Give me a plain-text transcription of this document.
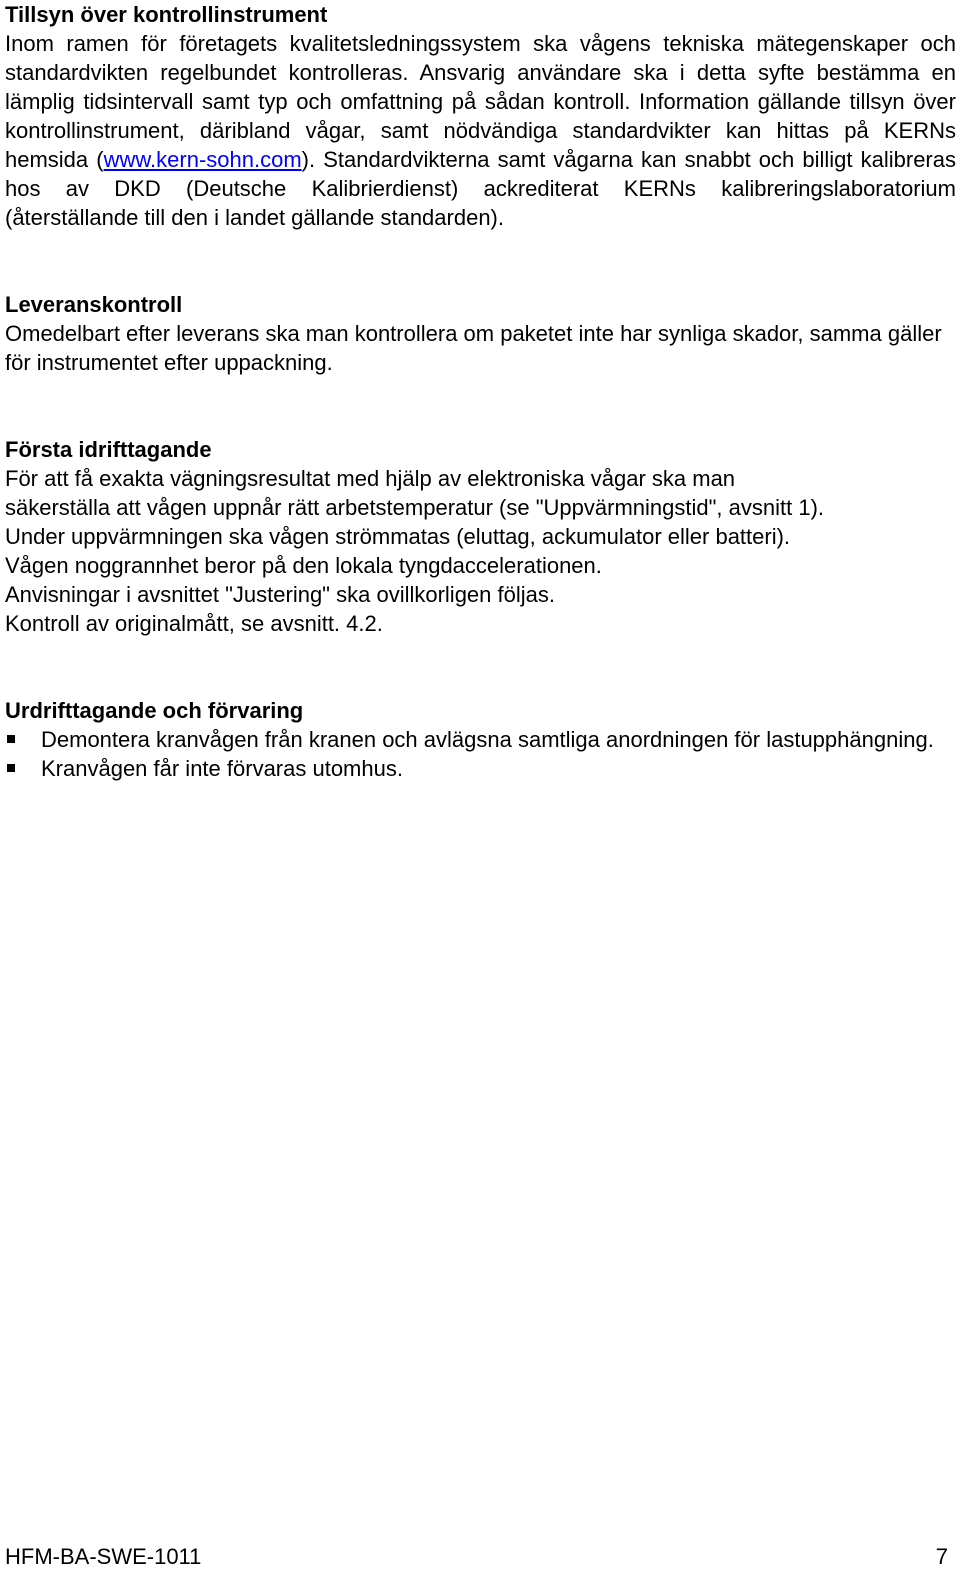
Tillsyn över kontrollinstrument

Inom ramen för företagets kvalitetsledningssystem ska vågens tekniska mätegenskaper och standardvikten regelbundet kontrolleras. Ansvarig användare ska i detta syfte bestämma en lämplig tidsintervall samt typ och omfattning på sådan kontroll. Information gällande tillsyn över kontrollinstrument, däribland vågar, samt nödvändiga standardvikter kan hittas på KERNs hemsida (www.kern-sohn.com). Standardvikterna samt vågarna kan snabbt och billigt kalibreras hos av DKD (Deutsche Kalibrierdienst) ackrediterat KERNs kalibreringslaboratorium (återställande till den i landet gällande standarden).

Leveranskontroll

Omedelbart efter leverans ska man kontrollera om paketet inte har synliga skador, samma gäller för instrumentet efter uppackning.

Första idrifttagande

För att få exakta vägningsresultat med hjälp av elektroniska vågar ska man

säkerställa att vågen uppnår rätt arbetstemperatur (se "Uppvärmningstid", avsnitt 1).

Under uppvärmningen ska vågen strömmatas (eluttag, ackumulator eller batteri).

Vågen noggrannhet beror på den lokala tyngdaccelerationen.

Anvisningar i avsnittet "Justering" ska ovillkorligen följas.

Kontroll av originalmått, se avsnitt. 4.2.

Urdrifttagande och förvaring
Demontera kranvågen från kranen och avlägsna samtliga anordningen för lastupphängning.
Kranvågen får inte förvaras utomhus.
HFM-BA-SWE-1011	7
